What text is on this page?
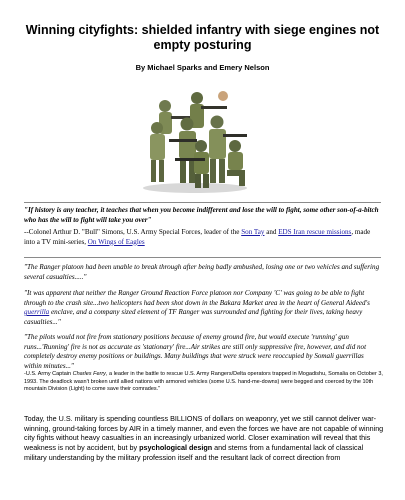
Winning cityfights: shielded infantry with siege engines not empty posturing
By Michael Sparks and Emery Nelson
"If history is any teacher, it teaches that when you become indifferent and lose the will to fight, some other son-of-a-bitch who has the will to fight will take you over"
--Colonel Arthur D. "Bull" Simons, U.S. Army Special Forces, leader of the Son Tay and EDS Iran rescue missions, made into a TV mini-series, On Wings of Eagles
"The Ranger platoon had been unable to break through after being badly ambushed, losing one or two vehicles and suffering several casualties....."
"It was apparent that neither the Ranger Ground Reaction Force platoon nor Company 'C' was going to be able to fight through to the crash site...two helicopters had been shot down in the Bakara Market area in the heart of General Aideed's guerrilla enclave, and a company sized element of TF Ranger was surrounded and fighting for their lives, taking heavy casualties..."
"The pilots would not fire from stationary positions because of enemy ground fire, but would execute 'running' gun runs...'Running' fire is not as accurate as 'stationary' fire...Air strikes are still only suppressive fire, however, and did not completely destroy enemy positions or buildings. Many buildings that were struck were reoccupied by Somali guerrillas within minutes..."
-U.S. Army Captain Charles Ferry, a leader in the battle to rescue U.S. Army Rangers/Delta operators trapped in Mogadishu, Somalia on October 3, 1993. The deadlock wasn't broken until allied nations with armored vehicles (some U.S. hand-me-downs) were begged and coerced by the 10th mountain Division (Light) to come save their comrades."
Today, the U.S. military is spending countless BILLIONS of dollars on weaponry, yet we still cannot deliver war-winning, ground-taking forces by AIR in a timely manner, and even the forces we have are not capable of winning city fights without heavy casualties in an increasingly urbanized world. Closer examination will reveal that this weakness is not by accident, but by psychological design and stems from a fundamental lack of classical military understanding by the military profession itself and the resultant lack of correct direction from
